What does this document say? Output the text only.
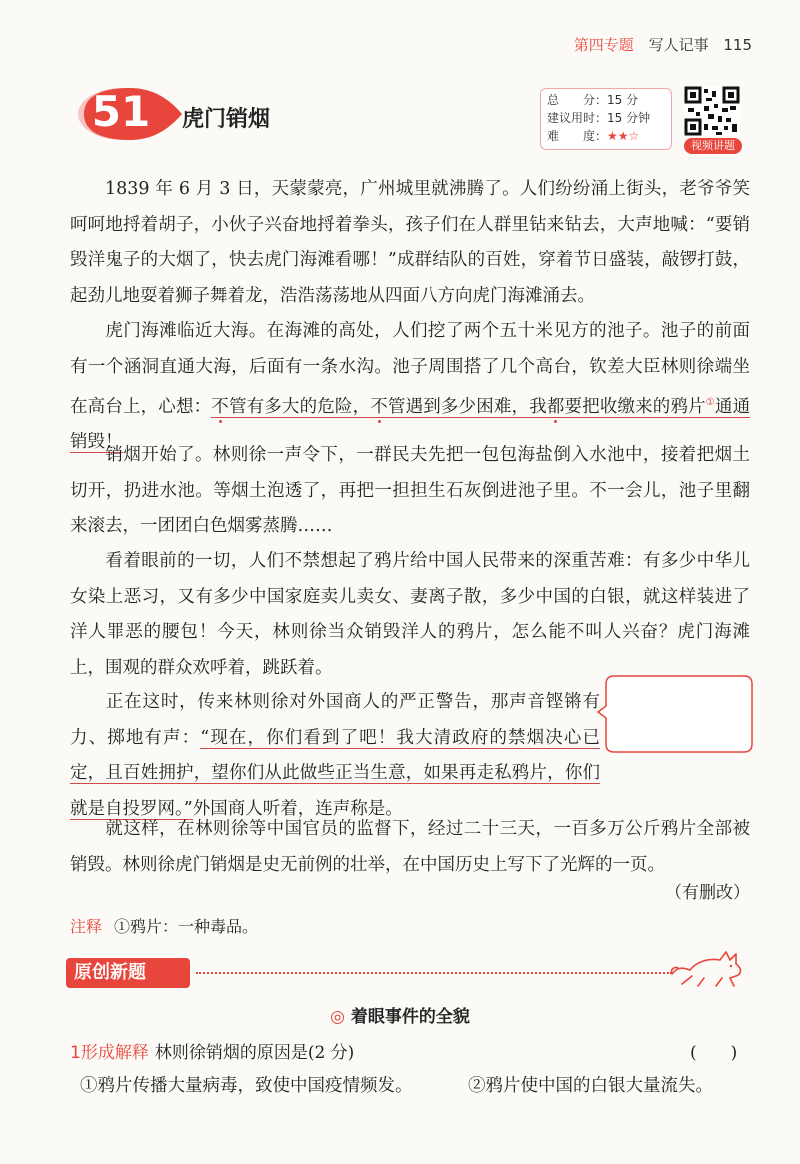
第四专题 写人记事 115
51 虎门销烟
总　　分：15 分
建议用时：15 分钟
难　　度：★★☆
视频讲题

1839 年 6 月 3 日，天蒙蒙亮，广州城里就沸腾了。人们纷纷涌上街头，老爷爷笑呵呵地捋着胡子，小伙子兴奋地捋着拳头，孩子们在人群里钻来钻去，大声地喊：“要销毁洋鬼子的大烟了，快去虎门海滩看哪！”成群结队的百姓，穿着节日盛装，敲锣打鼓，起劲儿地耍着狮子舞着龙，浩浩荡荡地从四面八方向虎门海滩涌去。

虎门海滩临近大海。在海滩的高处，人们挖了两个五十米见方的池子。池子的前面有一个涵洞直通大海，后面有一条水沟。池子周围搭了几个高台，钦差大臣林则徐端坐在高台上，心想：不管有多大的危险，不管遇到多少困难，我都要把收缴来的鸦片①通通销毁！

销烟开始了。林则徐一声令下，一群民夫先把一包包海盐倒入水池中，接着把烟土切开，扔进水池。等烟土泡透了，再把一担担生石灰倒进池子里。不一会儿，池子里翻来滚去，一团团白色烟雾蒸腾……

看着眼前的一切，人们不禁想起了鸦片给中国人民带来的深重苦难：有多少中华儿女染上恶习，又有多少中国家庭卖儿卖女、妻离子散，多少中国的白银，就这样装进了洋人罪恶的腰包！今天，林则徐当众销毁洋人的鸦片，怎么能不叫人兴奋？虎门海滩上，围观的群众欢呼着，跳跃着。

正在这时，传来林则徐对外国商人的严正警告，那声音铿锵有力、掷地有声：“现在，你们看到了吧！我大清政府的禁烟决心已定，且百姓拥护，望你们从此做些正当生意，如果再走私鸦片，你们就是自投罗网。”外国商人听着，连声称是。

就这样，在林则徐等中国官员的监督下，经过二十三天，一百多万公斤鸦片全部被销毁。林则徐虎门销烟是史无前例的壮举，在中国历史上写下了光辉的一页。

（有删改）
注释 ①鸦片：一种毒品。
原创新题
◎ 着眼事件的全貌
1形成解释 林则徐销烟的原因是(2 分)	(　　)
①鸦片传播大量病毒，致使中国疫情频发。	②鸦片使中国的白银大量流失。
